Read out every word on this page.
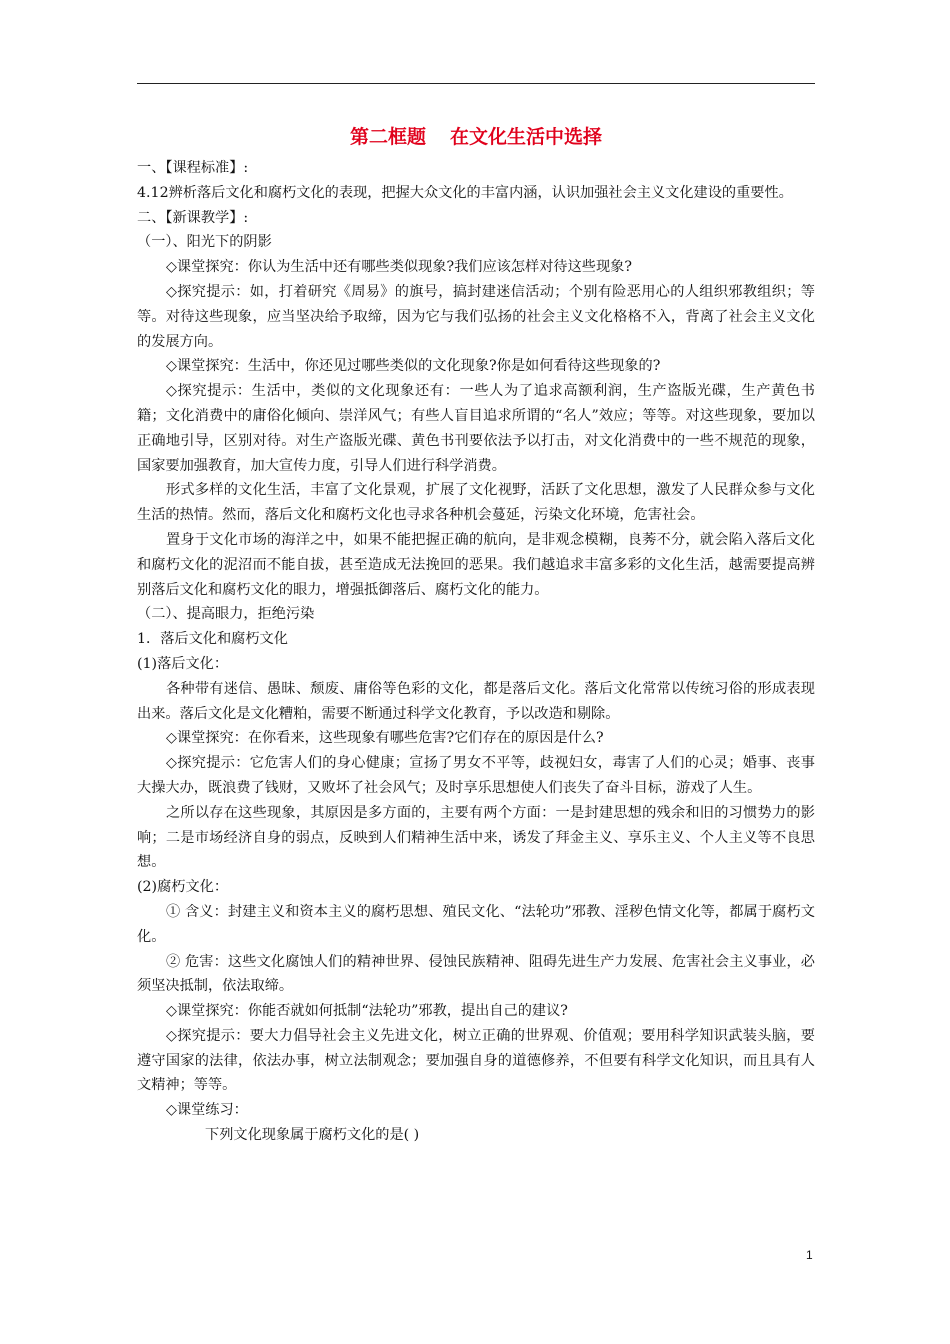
第二框题 在文化生活中选择

一、【课程标准】:

4.12辨析落后文化和腐朽文化的表现，把握大众文化的丰富内涵，认识加强社会主义文化建设的重要性。

二、【新课教学】:

（一）、阳光下的阴影

◇课堂探究：你认为生活中还有哪些类似现象?我们应该怎样对待这些现象?

◇探究提示：如，打着研究《周易》的旗号，搞封建迷信活动；个别有险恶用心的人组织邪教组织；等等。对待这些现象，应当坚决给予取缔，因为它与我们弘扬的社会主义文化格格不入，背离了社会主义文化的发展方向。

◇课堂探究：生活中，你还见过哪些类似的文化现象?你是如何看待这些现象的?

◇探究提示：生活中，类似的文化现象还有：一些人为了追求高额利润，生产盗版光碟，生产黄色书籍；文化消费中的庸俗化倾向、崇洋风气；有些人盲目追求所谓的“名人”效应；等等。对这些现象，要加以正确地引导，区别对待。对生产盗版光碟、黄色书刊要依法予以打击，对文化消费中的一些不规范的现象，国家要加强教育，加大宣传力度，引导人们进行科学消费。

形式多样的文化生活，丰富了文化景观，扩展了文化视野，活跃了文化思想，激发了人民群众参与文化生活的热情。然而，落后文化和腐朽文化也寻求各种机会蔓延，污染文化环境，危害社会。

置身于文化市场的海洋之中，如果不能把握正确的航向，是非观念模糊，良莠不分，就会陷入落后文化和腐朽文化的泥沼而不能自拔，甚至造成无法挽回的恶果。我们越追求丰富多彩的文化生活，越需要提高辨别落后文化和腐朽文化的眼力，增强抵御落后、腐朽文化的能力。

（二）、提高眼力，拒绝污染

1．落后文化和腐朽文化

(1)落后文化：

各种带有迷信、愚昧、颓废、庸俗等色彩的文化，都是落后文化。落后文化常常以传统习俗的形成表现出来。落后文化是文化糟粕，需要不断通过科学文化教育，予以改造和剔除。

◇课堂探究：在你看来，这些现象有哪些危害?它们存在的原因是什么?

◇探究提示：它危害人们的身心健康；宣扬了男女不平等，歧视妇女，毒害了人们的心灵；婚事、丧事大操大办，既浪费了钱财，又败坏了社会风气；及时享乐思想使人们丧失了奋斗目标，游戏了人生。

之所以存在这些现象，其原因是多方面的，主要有两个方面：一是封建思想的残余和旧的习惯势力的影响；二是市场经济自身的弱点，反映到人们精神生活中来，诱发了拜金主义、享乐主义、个人主义等不良思想。

(2)腐朽文化：

① 含义：封建主义和资本主义的腐朽思想、殖民文化、“法轮功”邪教、淫秽色情文化等，都属于腐朽文化。

② 危害：这些文化腐蚀人们的精神世界、侵蚀民族精神、阻碍先进生产力发展、危害社会主义事业，必须坚决抵制，依法取缔。

◇课堂探究：你能否就如何抵制“法轮功”邪教，提出自己的建议?

◇探究提示：要大力倡导社会主义先进文化，树立正确的世界观、价值观；要用科学知识武装头脑，要遵守国家的法律，依法办事，树立法制观念；要加强自身的道德修养，不但要有科学文化知识，而且具有人文精神；等等。

◇课堂练习：

下列文化现象属于腐朽文化的是( )

1
